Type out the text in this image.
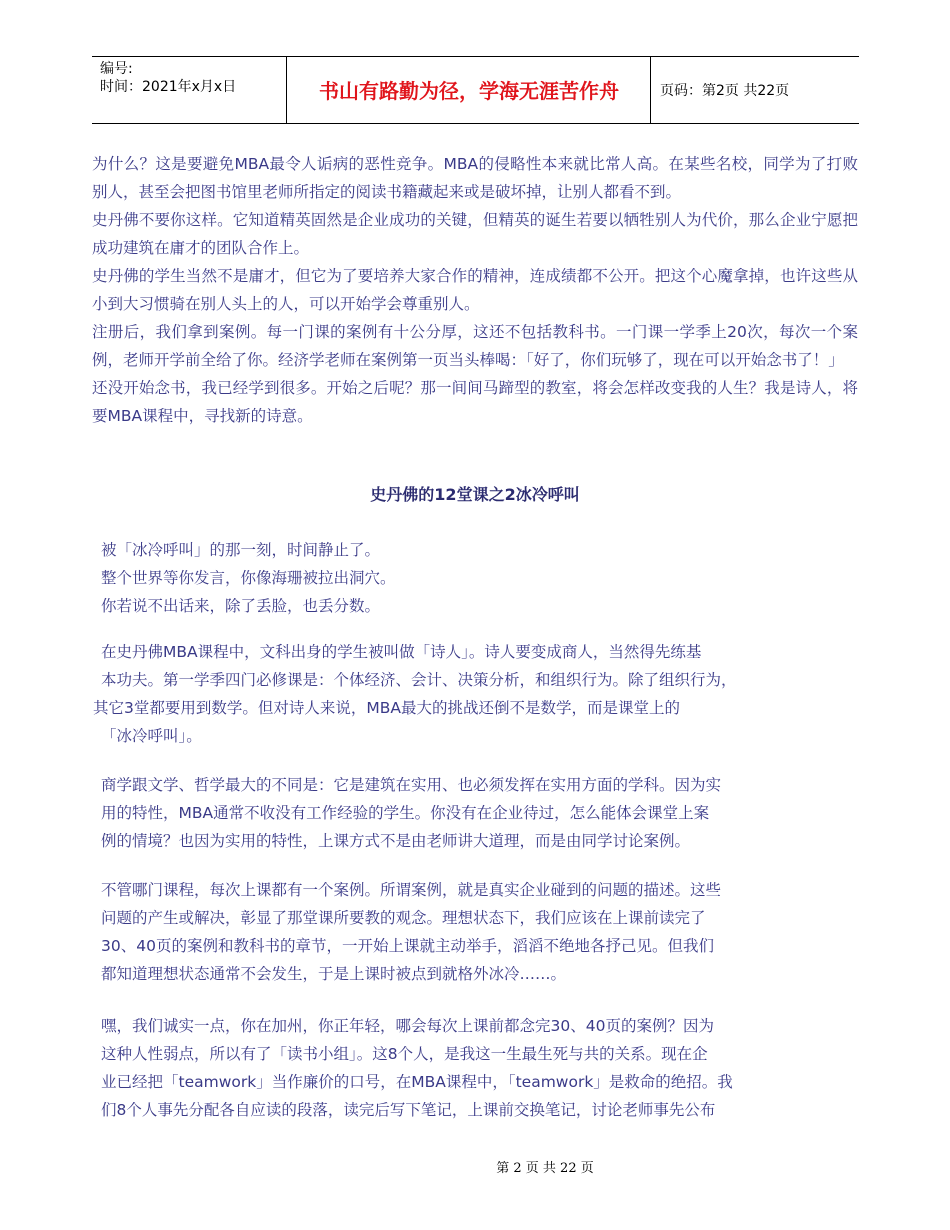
编号:
时间：2021年x月x日	书山有路勤为径，学海无涯苦作舟	页码：第2页 共22页

为什么？这是要避免MBA最令人诟病的恶性竞争。MBA的侵略性本来就比常人高。在某些名校，同学为了打败别人，甚至会把图书馆里老师所指定的阅读书籍藏起来或是破坏掉，让别人都看不到。

史丹佛不要你这样。它知道精英固然是企业成功的关键，但精英的诞生若要以牺牲别人为代价，那么企业宁愿把成功建筑在庸才的团队合作上。

史丹佛的学生当然不是庸才，但它为了要培养大家合作的精神，连成绩都不公开。把这个心魔拿掉，也许这些从小到大习惯骑在别人头上的人，可以开始学会尊重别人。

注册后，我们拿到案例。每一门课的案例有十公分厚，这还不包括教科书。一门课一学季上20次，每次一个案例，老师开学前全给了你。经济学老师在案例第一页当头棒喝：「好了，你们玩够了，现在可以开始念书了！」

还没开始念书，我已经学到很多。开始之后呢？那一间间马蹄型的教室，将会怎样改变我的人生？我是诗人，将要MBA课程中，寻找新的诗意。

史丹佛的12堂课之2冰冷呼叫
被「冰冷呼叫」的那一刻，时间静止了。
整个世界等你发言，你像海珊被拉出洞穴。
你若说不出话来，除了丢脸，也丢分数。
在史丹佛MBA课程中，文科出身的学生被叫做「诗人」。诗人要变成商人，当然得先练基
本功夫。第一学季四门必修课是：个体经济、会计、决策分析，和组织行为。除了组织行为，
其它3堂都要用到数学。但对诗人来说，MBA最大的挑战还倒不是数学，而是课堂上的
「冰冷呼叫」。
商学跟文学、哲学最大的不同是：它是建筑在实用、也必须发挥在实用方面的学科。因为实
用的特性，MBA通常不收没有工作经验的学生。你没有在企业待过，怎么能体会课堂上案
例的情境？也因为实用的特性，上课方式不是由老师讲大道理，而是由同学讨论案例。
不管哪门课程，每次上课都有一个案例。所谓案例，就是真实企业碰到的问题的描述。这些
问题的产生或解决，彰显了那堂课所要教的观念。理想状态下，我们应该在上课前读完了
30、40页的案例和教科书的章节，一开始上课就主动举手，滔滔不绝地各抒己见。但我们
都知道理想状态通常不会发生，于是上课时被点到就格外冰冷……。
嘿，我们诚实一点，你在加州，你正年轻，哪会每次上课前都念完30、40页的案例？因为
这种人性弱点，所以有了「读书小组」。这8个人，是我这一生最生死与共的关系。现在企
业已经把「teamwork」当作廉价的口号，在MBA课程中，「teamwork」是救命的绝招。我
们8个人事先分配各自应读的段落，读完后写下笔记，上课前交换笔记，讨论老师事先公布
第 2 页 共 22 页
